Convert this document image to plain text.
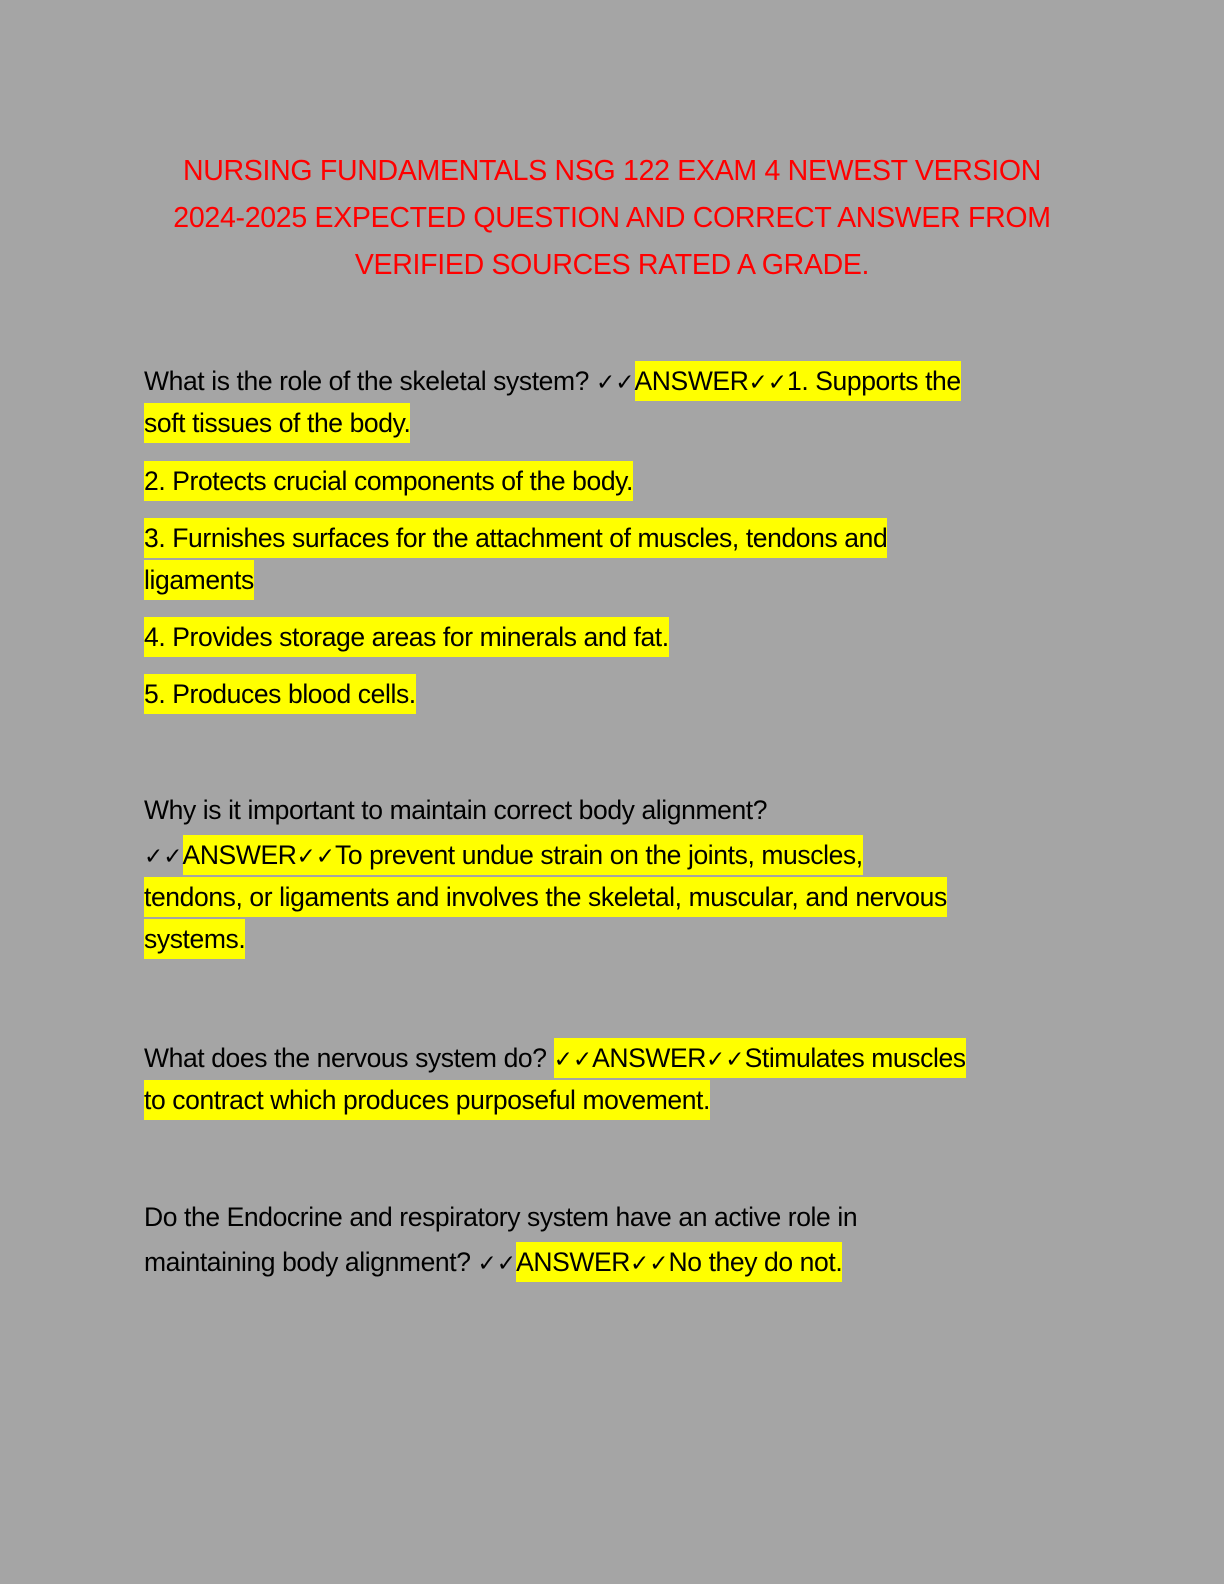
NURSING FUNDAMENTALS NSG 122 EXAM 4 NEWEST VERSION
2024-2025 EXPECTED QUESTION AND CORRECT ANSWER FROM
VERIFIED SOURCES RATED A GRADE.
What is the role of the skeletal system? ✓✓ANSWER✓✓1. Supports the
soft tissues of the body.
2. Protects crucial components of the body.
3. Furnishes surfaces for the attachment of muscles, tendons and
ligaments
4. Provides storage areas for minerals and fat.
5. Produces blood cells.
Why is it important to maintain correct body alignment?
✓✓ANSWER✓✓To prevent undue strain on the joints, muscles,
tendons, or ligaments and involves the skeletal, muscular, and nervous
systems.
What does the nervous system do? ✓✓ANSWER✓✓Stimulates muscles
to contract which produces purposeful movement.
Do the Endocrine and respiratory system have an active role in
maintaining body alignment? ✓✓ANSWER✓✓No they do not.
